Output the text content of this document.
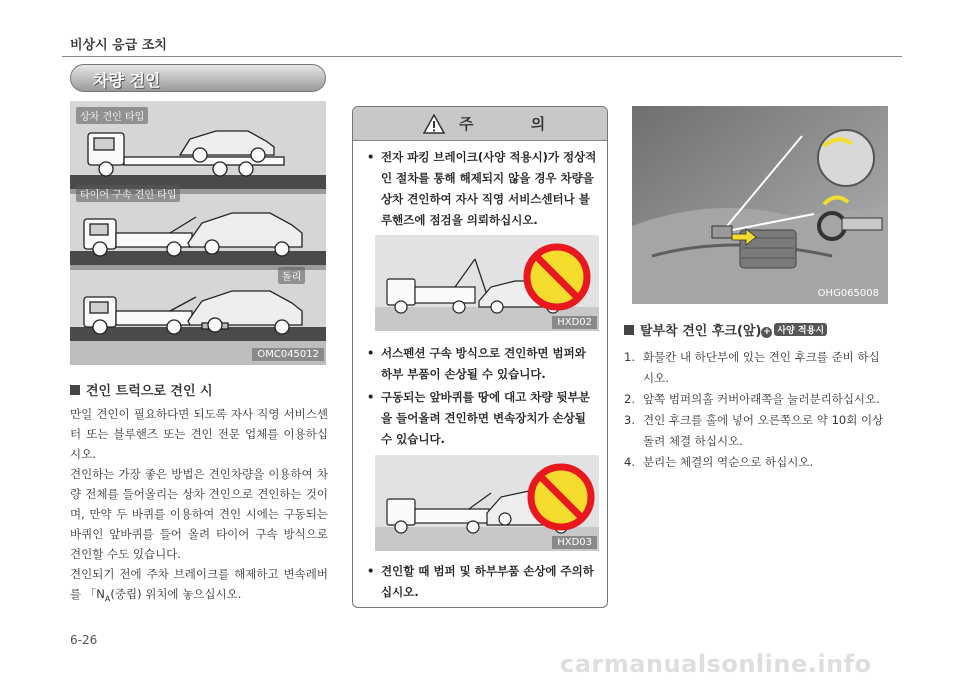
비상시 응급 조치
차량 견인
상차 견인 타입
타이어 구속 견인 타입
돌리
OMC045012
견인 트럭으로 견인 시

만일 견인이 필요하다면 되도록 자사 직영 서비스센터 또는 블루핸즈 또는 견인 전문 업체를 이용하십시오.

견인하는 가장 좋은 방법은 견인차량을 이용하여 차량 전체를 들어올리는 상차 견인으로 견인하는 것이며, 만약 두 바퀴를 이용하여 견인 시에는 구동되는 바퀴인 앞바퀴를 들어 올려 타이어 구속 방식으로 견인할 수도 있습니다.

견인되기 전에 주차 브레이크를 해제하고 변속레버를 「$N_A$(중립) 위치에 놓으십시오.

주 의
• 전자 파킹 브레이크(사양 적용시)가 정상적인 절차를 통해 해제되지 않을 경우 차량을 상차 견인하여 자사 직영 서비스센터나 블루핸즈에 점검을 의뢰하십시오.
HXD02
• 서스펜션 구속 방식으로 견인하면 범퍼와 하부 부품이 손상될 수 있습니다.
• 구동되는 앞바퀴를 땅에 대고 차량 뒷부분을 들어올려 견인하면 변속장치가 손상될 수 있습니다.
HXD03
• 견인할 때 범퍼 및 하부부품 손상에 주의하십시오.
OHG065008
탈부착 견인 후크(앞) + 사양 적용시
1. 화물칸 내 하단부에 있는 견인 후크를 준비 하십시오.
2. 앞쪽 범퍼의홀 커버아래쪽을 눌러분리하십시오.
3. 견인 후크를 홀에 넣어 오른쪽으로 약 10회 이상 돌려 체결 하십시오.
4. 분리는 체결의 역순으로 하십시오.
6-26
carmanualsonline.info
